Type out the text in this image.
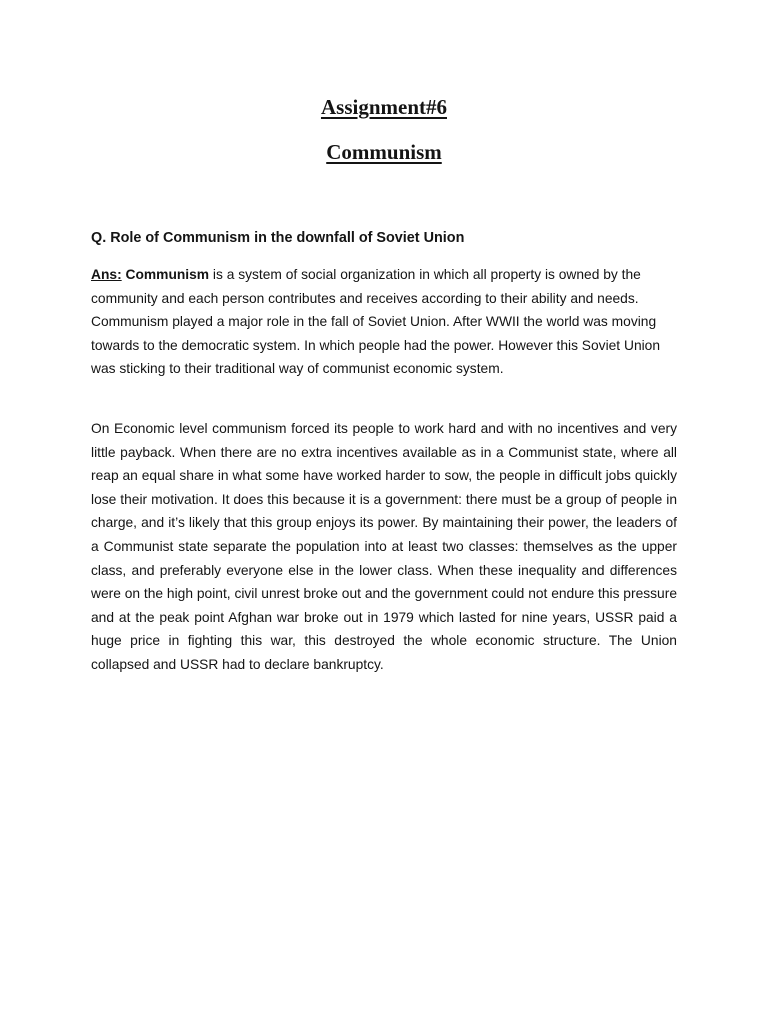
Assignment#6
Communism

Q. Role of Communism in the downfall of Soviet Union

Ans: Communism is a system of social organization in which all property is owned by the community and each person contributes and receives according to their ability and needs. Communism played a major role in the fall of Soviet Union. After WWII the world was moving towards to the democratic system. In which people had the power. However this Soviet Union was sticking to their traditional way of communist economic system.

On Economic level communism forced its people to work hard and with no incentives and very little payback. When there are no extra incentives available as in a Communist state, where all reap an equal share in what some have worked harder to sow, the people in difficult jobs quickly lose their motivation. It does this because it is a government: there must be a group of people in charge, and it’s likely that this group enjoys its power. By maintaining their power, the leaders of a Communist state separate the population into at least two classes: themselves as the upper class, and preferably everyone else in the lower class. When these inequality and differences were on the high point, civil unrest broke out and the government could not endure this pressure and at the peak point Afghan war broke out in 1979 which lasted for nine years, USSR paid a huge price in fighting this war, this destroyed the whole economic structure. The Union collapsed and USSR had to declare bankruptcy.
